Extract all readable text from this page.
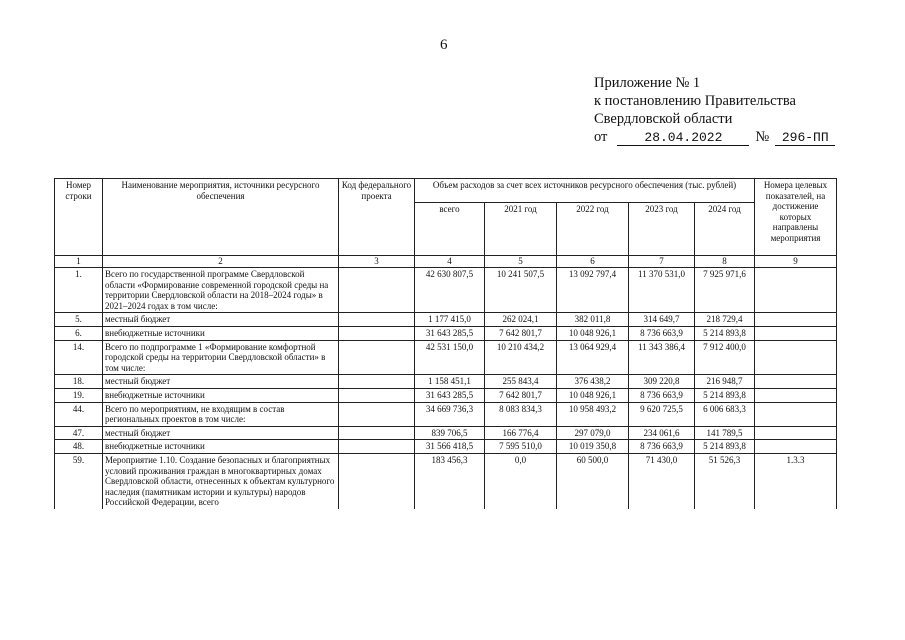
6
Приложение № 1
к постановлению Правительства
Свердловской области
от	28.04.2022 № 296-ПП
Номер строки	Наименование мероприятия, источники ресурсного обеспечения	Код федерального проекта	Объем расходов за счет всех источников ресурсного обеспечения (тыс. рублей)					Номера целевых показателей, на достижение которых направлены мероприятия
			всего	2021 год	2022 год	2023 год	2024 год	
1	2	3	4	5	6	7	8	9
1.	Всего по государственной программе Свердловской области «Формирование современной городской среды на территории Свердловской области на 2018–2024 годы» в 2021–2024 годах в том числе:		42 630 807,5	10 241 507,5	13 092 797,4	11 370 531,0	7 925 971,6	
5.	местный бюджет		1 177 415,0	262 024,1	382 011,8	314 649,7	218 729,4	
6.	внебюджетные источники		31 643 285,5	7 642 801,7	10 048 926,1	8 736 663,9	5 214 893,8	
14.	Всего по подпрограмме 1 «Формирование комфортной городской среды на территории Свердловской области» в том числе:		42 531 150,0	10 210 434,2	13 064 929,4	11 343 386,4	7 912 400,0	
18.	местный бюджет		1 158 451,1	255 843,4	376 438,2	309 220,8	216 948,7	
19.	внебюджетные источники		31 643 285,5	7 642 801,7	10 048 926,1	8 736 663,9	5 214 893,8	
44.	Всего по мероприятиям, не входящим в состав региональных проектов в том числе:		34 669 736,3	8 083 834,3	10 958 493,2	9 620 725,5	6 006 683,3	
47.	местный бюджет		839 706,5	166 776,4	297 079,0	234 061,6	141 789,5	
48.	внебюджетные источники		31 566 418,5	7 595 510,0	10 019 350,8	8 736 663,9	5 214 893,8	
59.	Мероприятие 1.10. Создание безопасных и благоприятных условий проживания граждан в многоквартирных домах Свердловской области, отнесенных к объектам культурного наследия (памятникам истории и культуры) народов Российской Федерации, всего		183 456,3	0,0	60 500,0	71 430,0	51 526,3	1.3.3
